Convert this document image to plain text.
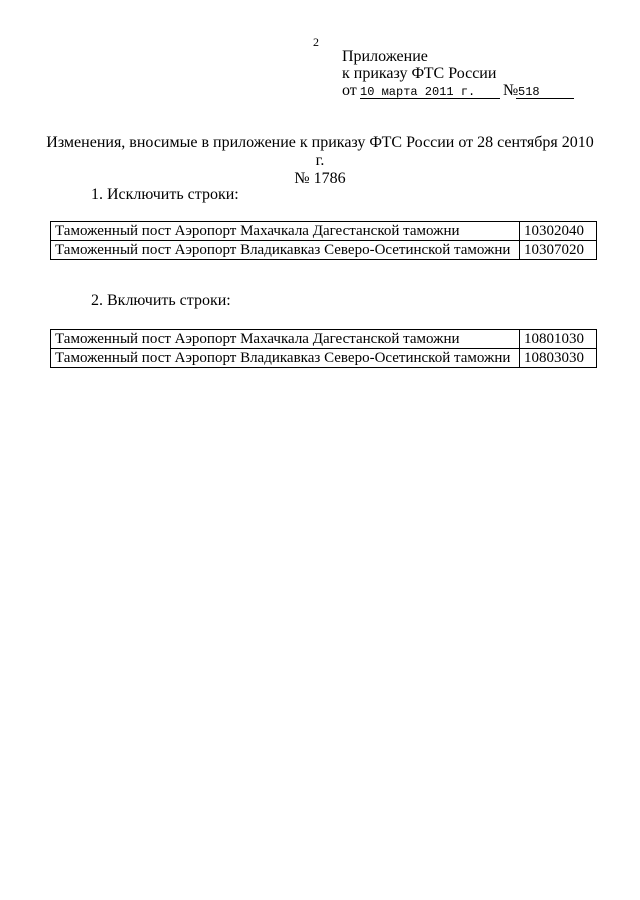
2
Приложение
к приказу ФТС России
от 10 марта 2011 г. № 518
Изменения, вносимые в приложение к приказу ФТС России от 28 сентября 2010 г.
№ 1786
1. Исключить строки:
Таможенный пост Аэропорт Махачкала Дагестанской таможни	10302040
Таможенный пост Аэропорт Владикавказ Северо-Осетинской таможни	10307020
2. Включить строки:
Таможенный пост Аэропорт Махачкала Дагестанской таможни	10801030
Таможенный пост Аэропорт Владикавказ Северо-Осетинской таможни	10803030
